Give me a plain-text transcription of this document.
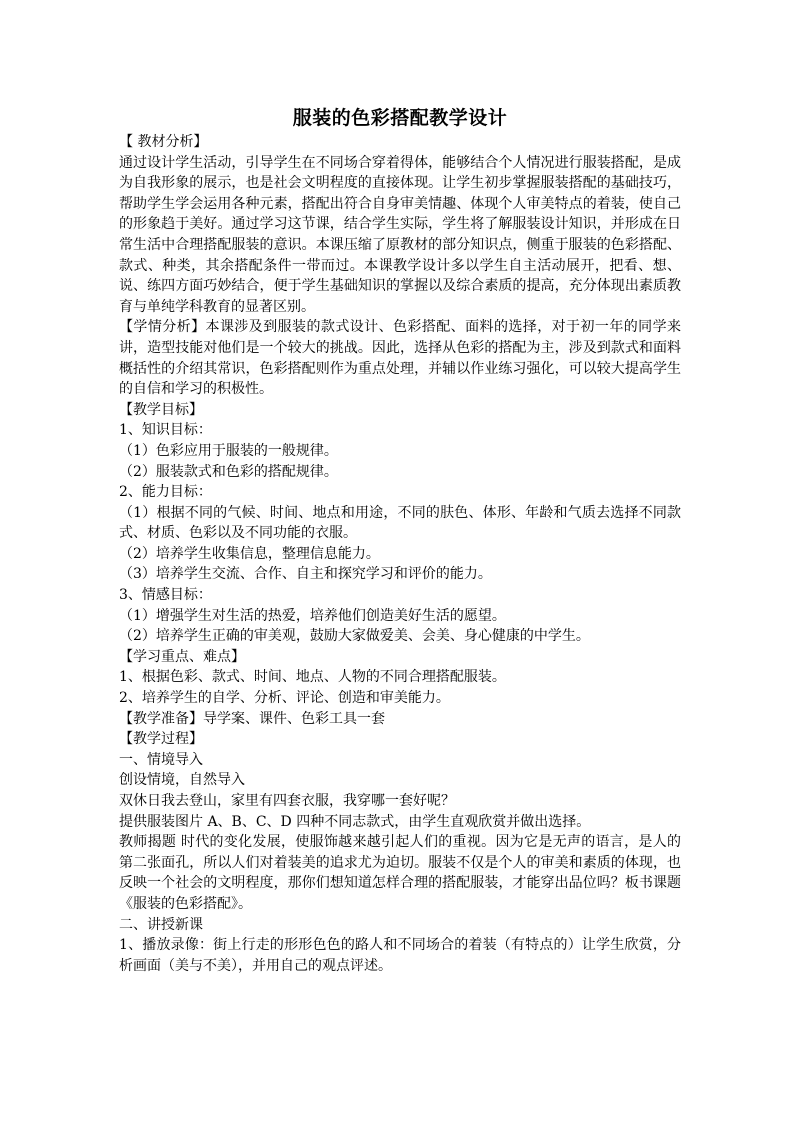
服装的色彩搭配教学设计
【 教材分析】
通过设计学生活动，引导学生在不同场合穿着得体，能够结合个人情况进行服装搭配，是成为自我形象的展示，也是社会文明程度的直接体现。让学生初步掌握服装搭配的基础技巧，帮助学生学会运用各种元素，搭配出符合自身审美情趣、体现个人审美特点的着装，使自己的形象趋于美好。通过学习这节课，结合学生实际，学生将了解服装设计知识，并形成在日常生活中合理搭配服装的意识。本课压缩了原教材的部分知识点，侧重于服装的色彩搭配、款式、种类，其余搭配条件一带而过。本课教学设计多以学生自主活动展开，把看、想、说、练四方面巧妙结合，便于学生基础知识的掌握以及综合素质的提高，充分体现出素质教育与单纯学科教育的显著区别。
【学情分析】本课涉及到服装的款式设计、色彩搭配、面料的选择，对于初一年的同学来讲，造型技能对他们是一个较大的挑战。因此，选择从色彩的搭配为主，涉及到款式和面料概括性的介绍其常识，色彩搭配则作为重点处理，并辅以作业练习强化，可以较大提高学生的自信和学习的积极性。
【教学目标】
1、知识目标：
（1）色彩应用于服装的一般规律。
（2）服装款式和色彩的搭配规律。
2、能力目标：
（1）根据不同的气候、时间、地点和用途，不同的肤色、体形、年龄和气质去选择不同款式、材质、色彩以及不同功能的衣服。
（2）培养学生收集信息，整理信息能力。
（3）培养学生交流、合作、自主和探究学习和评价的能力。
3、情感目标：
（1）增强学生对生活的热爱，培养他们创造美好生活的愿望。
（2）培养学生正确的审美观，鼓励大家做爱美、会美、身心健康的中学生。
【学习重点、难点】
1、根据色彩、款式、时间、地点、人物的不同合理搭配服装。
2、培养学生的自学、分析、评论、创造和审美能力。
【教学准备】导学案、课件、色彩工具一套
【教学过程】
一、情境导入
创设情境，自然导入
双休日我去登山，家里有四套衣服，我穿哪一套好呢？
提供服装图片 A、B、C、D 四种不同志款式，由学生直观欣赏并做出选择。
教师揭题 时代的变化发展，使服饰越来越引起人们的重视。因为它是无声的语言，是人的第二张面孔，所以人们对着装美的追求尤为迫切。服装不仅是个人的审美和素质的体现，也反映一个社会的文明程度，那你们想知道怎样合理的搭配服装，才能穿出品位吗？板书课题《服装的色彩搭配》。
二、讲授新课
1、播放录像：街上行走的形形色色的路人和不同场合的着装（有特点的）让学生欣赏，分析画面（美与不美），并用自己的观点评述。
